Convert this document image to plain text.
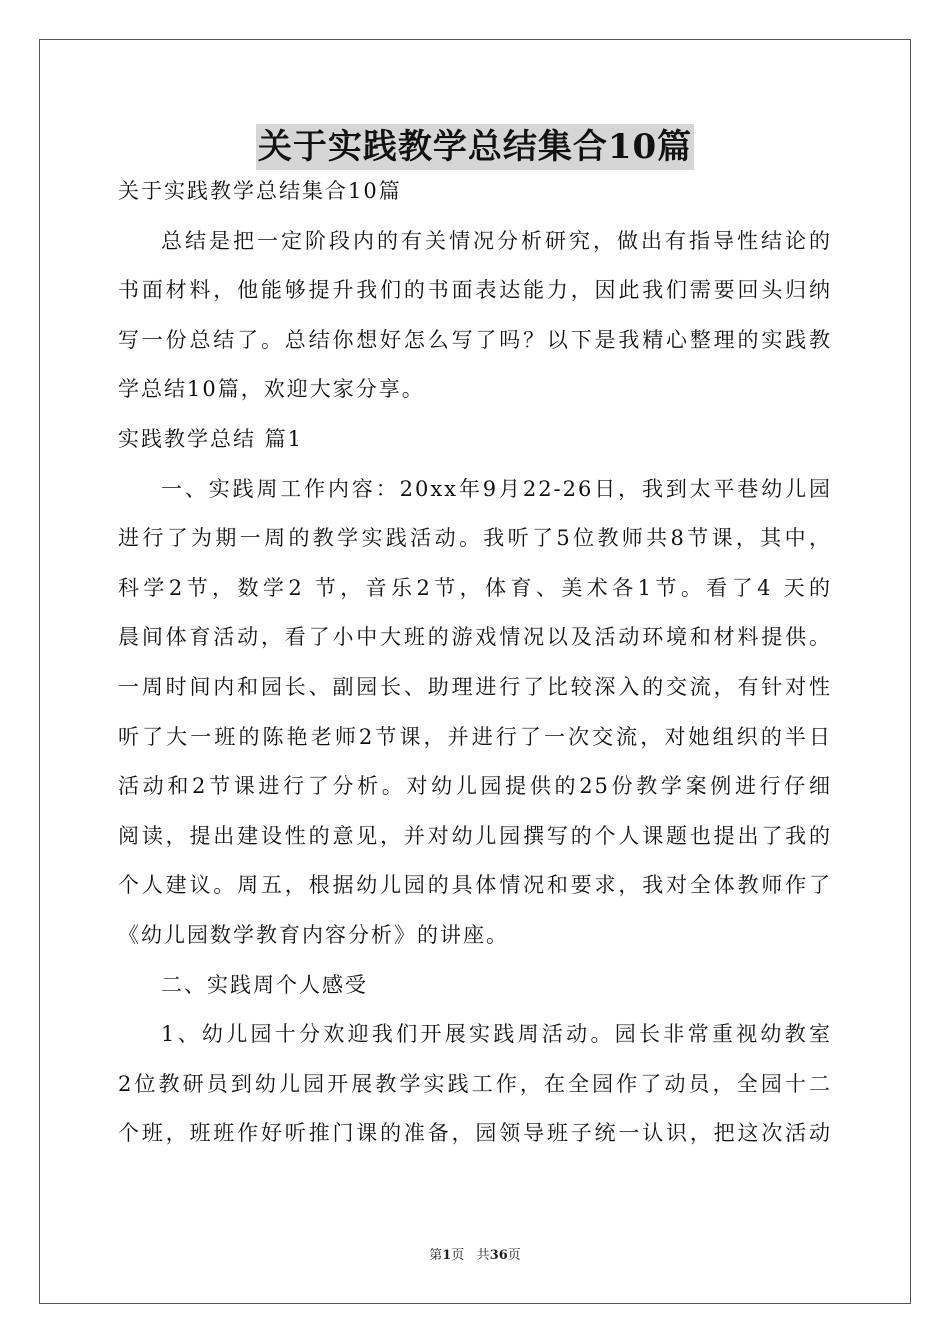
关于实践教学总结集合10篇
关于实践教学总结集合10篇
总结是把一定阶段内的有关情况分析研究，做出有指导性结论的
书面材料，他能够提升我们的书面表达能力，因此我们需要回头归纳
写一份总结了。总结你想好怎么写了吗？以下是我精心整理的实践教
学总结10篇，欢迎大家分享。
实践教学总结 篇1
一、实践周工作内容：20xx年9月22-26日，我到太平巷幼儿园
进行了为期一周的教学实践活动。我听了5位教师共8节课，其中，
科学2节，数学2 节，音乐2节，体育、美术各1节。看了4 天的
晨间体育活动，看了小中大班的游戏情况以及活动环境和材料提供。
一周时间内和园长、副园长、助理进行了比较深入的交流，有针对性
听了大一班的陈艳老师2节课，并进行了一次交流，对她组织的半日
活动和2节课进行了分析。对幼儿园提供的25份教学案例进行仔细
阅读，提出建设性的意见，并对幼儿园撰写的个人课题也提出了我的
个人建议。周五，根据幼儿园的具体情况和要求，我对全体教师作了
《幼儿园数学教育内容分析》的讲座。
二、实践周个人感受
1、幼儿园十分欢迎我们开展实践周活动。园长非常重视幼教室
2位教研员到幼儿园开展教学实践工作，在全园作了动员，全园十二
个班，班班作好听推门课的准备，园领导班子统一认识，把这次活动
第1页 共36页
